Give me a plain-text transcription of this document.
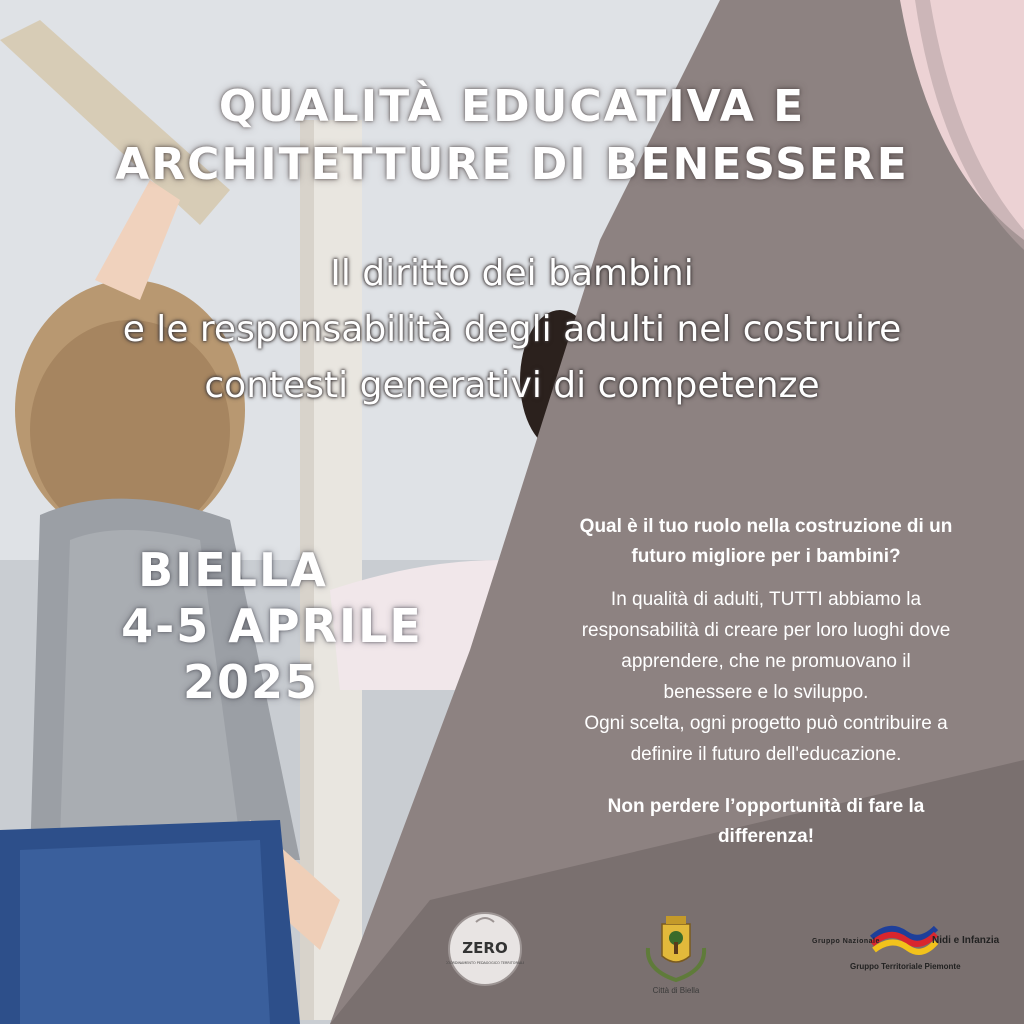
QUALITÀ EDUCATIVA E
ARCHITETTURE DI BENESSERE
Il diritto dei bambini
e le responsabilità degli adulti nel costruire
contesti generativi di competenze
BIELLA
4-5 APRILE
2025

Qual è il tuo ruolo nella costruzione di un
futuro migliore per i bambini?

In qualità di adulti, TUTTI abbiamo la
responsabilità di creare per loro luoghi dove
apprendere, che ne promuovano il
benessere e lo sviluppo.
Ogni scelta, ogni progetto può contribuire a
definire il futuro dell'educazione.

Non perdere l’opportunità di fare la
differenza!

ZERO
COORDINAMENTO PEDAGOGICO TERRITORIALE
Città di Biella
Gruppo Nazionale	Nidi e Infanzia
Gruppo Territoriale Piemonte
